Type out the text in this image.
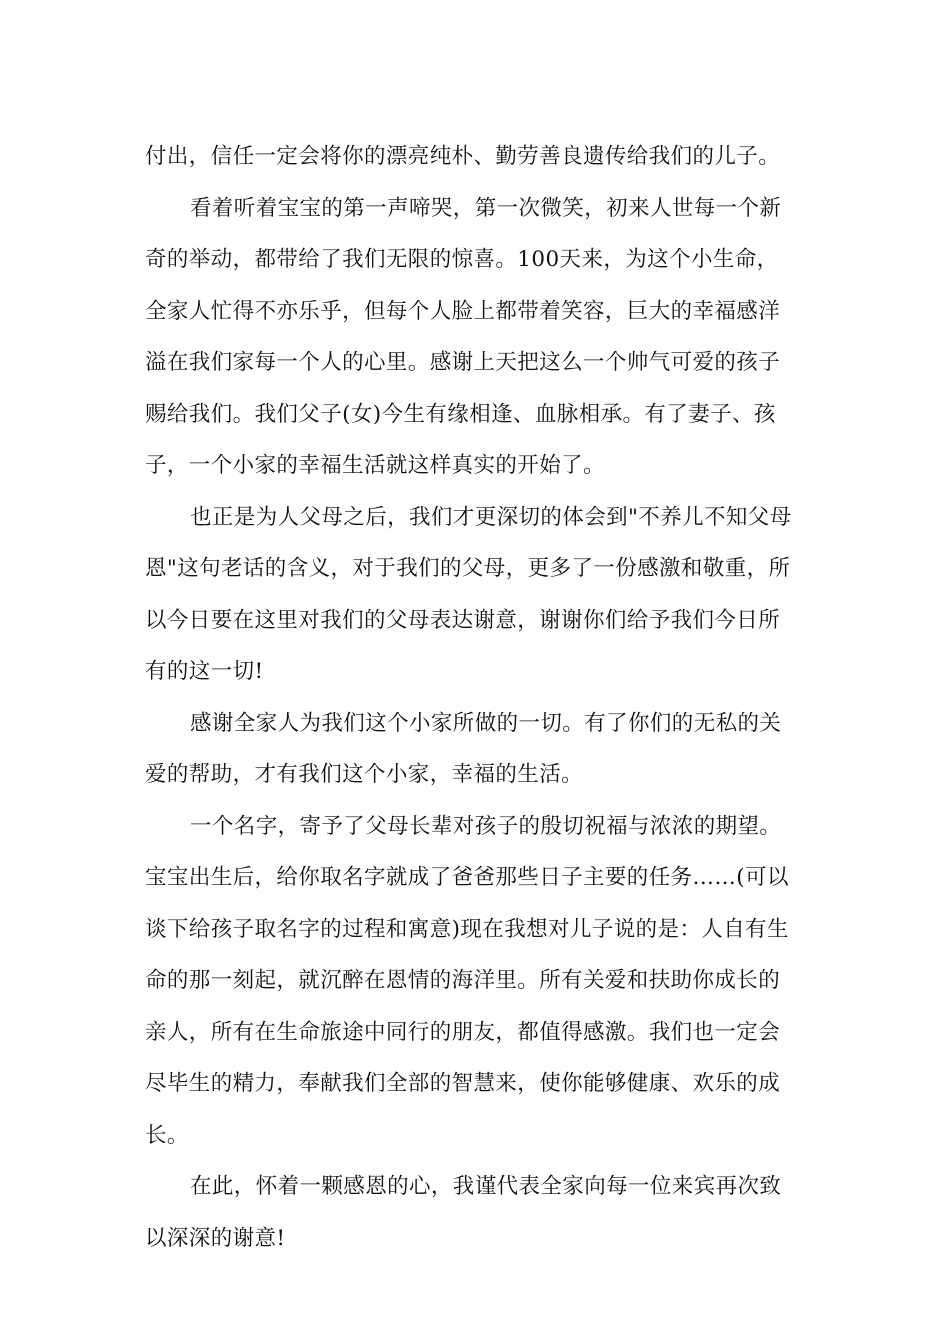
付出，信任一定会将你的漂亮纯朴、勤劳善良遗传给我们的儿子。
看着听着宝宝的第一声啼哭，第一次微笑，初来人世每一个新
奇的举动，都带给了我们无限的惊喜。100天来，为这个小生命，
全家人忙得不亦乐乎，但每个人脸上都带着笑容，巨大的幸福感洋
溢在我们家每一个人的心里。感谢上天把这么一个帅气可爱的孩子
赐给我们。我们父子(女)今生有缘相逢、血脉相承。有了妻子、孩
子，一个小家的幸福生活就这样真实的开始了。
也正是为人父母之后，我们才更深切的体会到"不养儿不知父母
恩"这句老话的含义，对于我们的父母，更多了一份感激和敬重，所
以今日要在这里对我们的父母表达谢意，谢谢你们给予我们今日所
有的这一切!
感谢全家人为我们这个小家所做的一切。有了你们的无私的关
爱的帮助，才有我们这个小家，幸福的生活。
一个名字，寄予了父母长辈对孩子的殷切祝福与浓浓的期望。
宝宝出生后，给你取名字就成了爸爸那些日子主要的任务……(可以
谈下给孩子取名字的过程和寓意)现在我想对儿子说的是：人自有生
命的那一刻起，就沉醉在恩情的海洋里。所有关爱和扶助你成长的
亲人，所有在生命旅途中同行的朋友，都值得感激。我们也一定会
尽毕生的精力，奉献我们全部的智慧来，使你能够健康、欢乐的成
长。
在此，怀着一颗感恩的心，我谨代表全家向每一位来宾再次致
以深深的谢意!
